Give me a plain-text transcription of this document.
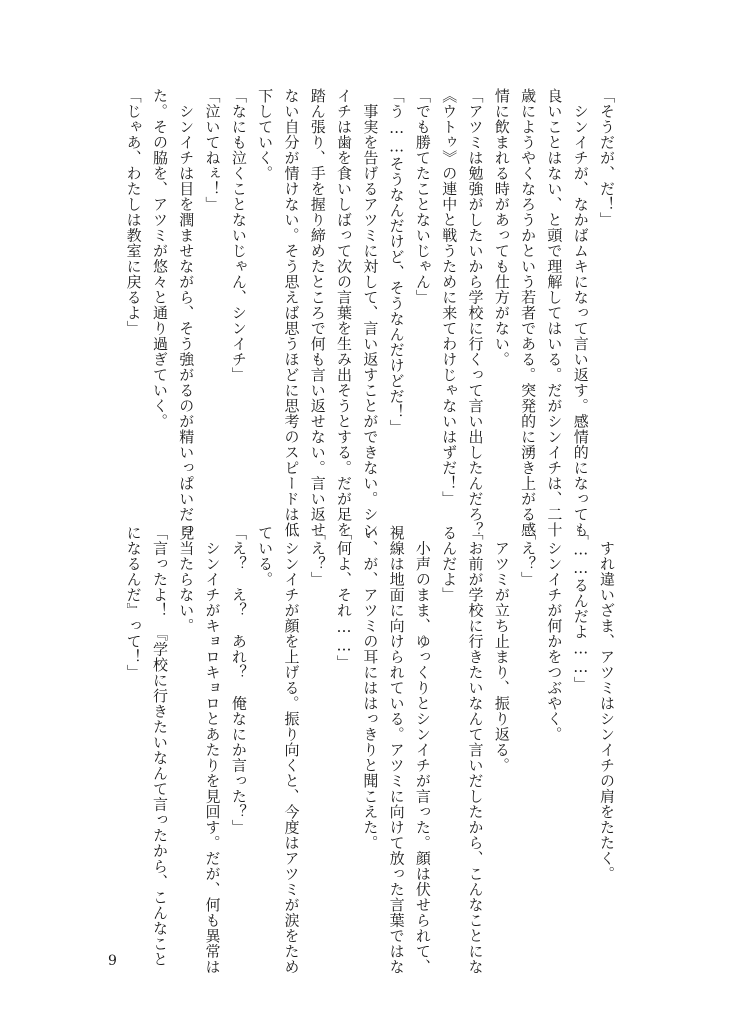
「そうだが、だ！」
　シンイチが、なかばムキになって言い返す。感情的になっても
良いことはない、と頭で理解してはいる。だがシンイチは、二十
歳にようやくなろうかという若者である。突発的に湧き上がる感
情に飲まれる時があっても仕方がない。
「アツミは勉強がしたいから学校に行くって言い出したんだろ？
《ウトゥ》の連中と戦うために来てわけじゃないはずだ！」
「でも勝てたことないじゃん」
「う……そうなんだけど、そうなんだけどだ！」
　事実を告げるアツミに対して、言い返すことができない。シン
イチは歯を食いしばって次の言葉を生み出そうとする。だが足を
踏ん張り、手を握り締めたところで何も言い返せない。言い返せ
ない自分が情けない。そう思えば思うほどに思考のスピードは低
下していく。
「なにも泣くことないじゃん、シンイチ」
「泣いてねぇ！」
　シンイチは目を潤ませながら、そう強がるのが精いっぱいだっ
た。その脇を、アツミが悠々と通り過ぎていく。
「じゃあ、わたしは教室に戻るよ」
　すれ違いざま、アツミはシンイチの肩をたたく。
「……るんだよ……」
　シンイチが何かをつぶやく。
「え？」
　アツミが立ち止まり、振り返る。
「お前が学校に行きたいなんて言いだしたから、こんなことにな
るんだよ」
　小声のまま、ゆっくりとシンイチが言った。顔は伏せられて、
視線は地面に向けられている。アツミに向けて放った言葉ではな
い、が、アツミの耳にははっきりと聞こえた。
「何よ、それ……」
「え？」
　シンイチが顔を上げる。振り向くと、今度はアツミが涙をため
ている。
「え？　え？　あれ？　俺なにか言った？」
　シンイチがキョロキョロとあたりを見回す。だが、何も異常は
見当たらない。
「言ったよ！　『学校に行きたいなんて言ったから、こんなこと
になるんだ』って！」
9
